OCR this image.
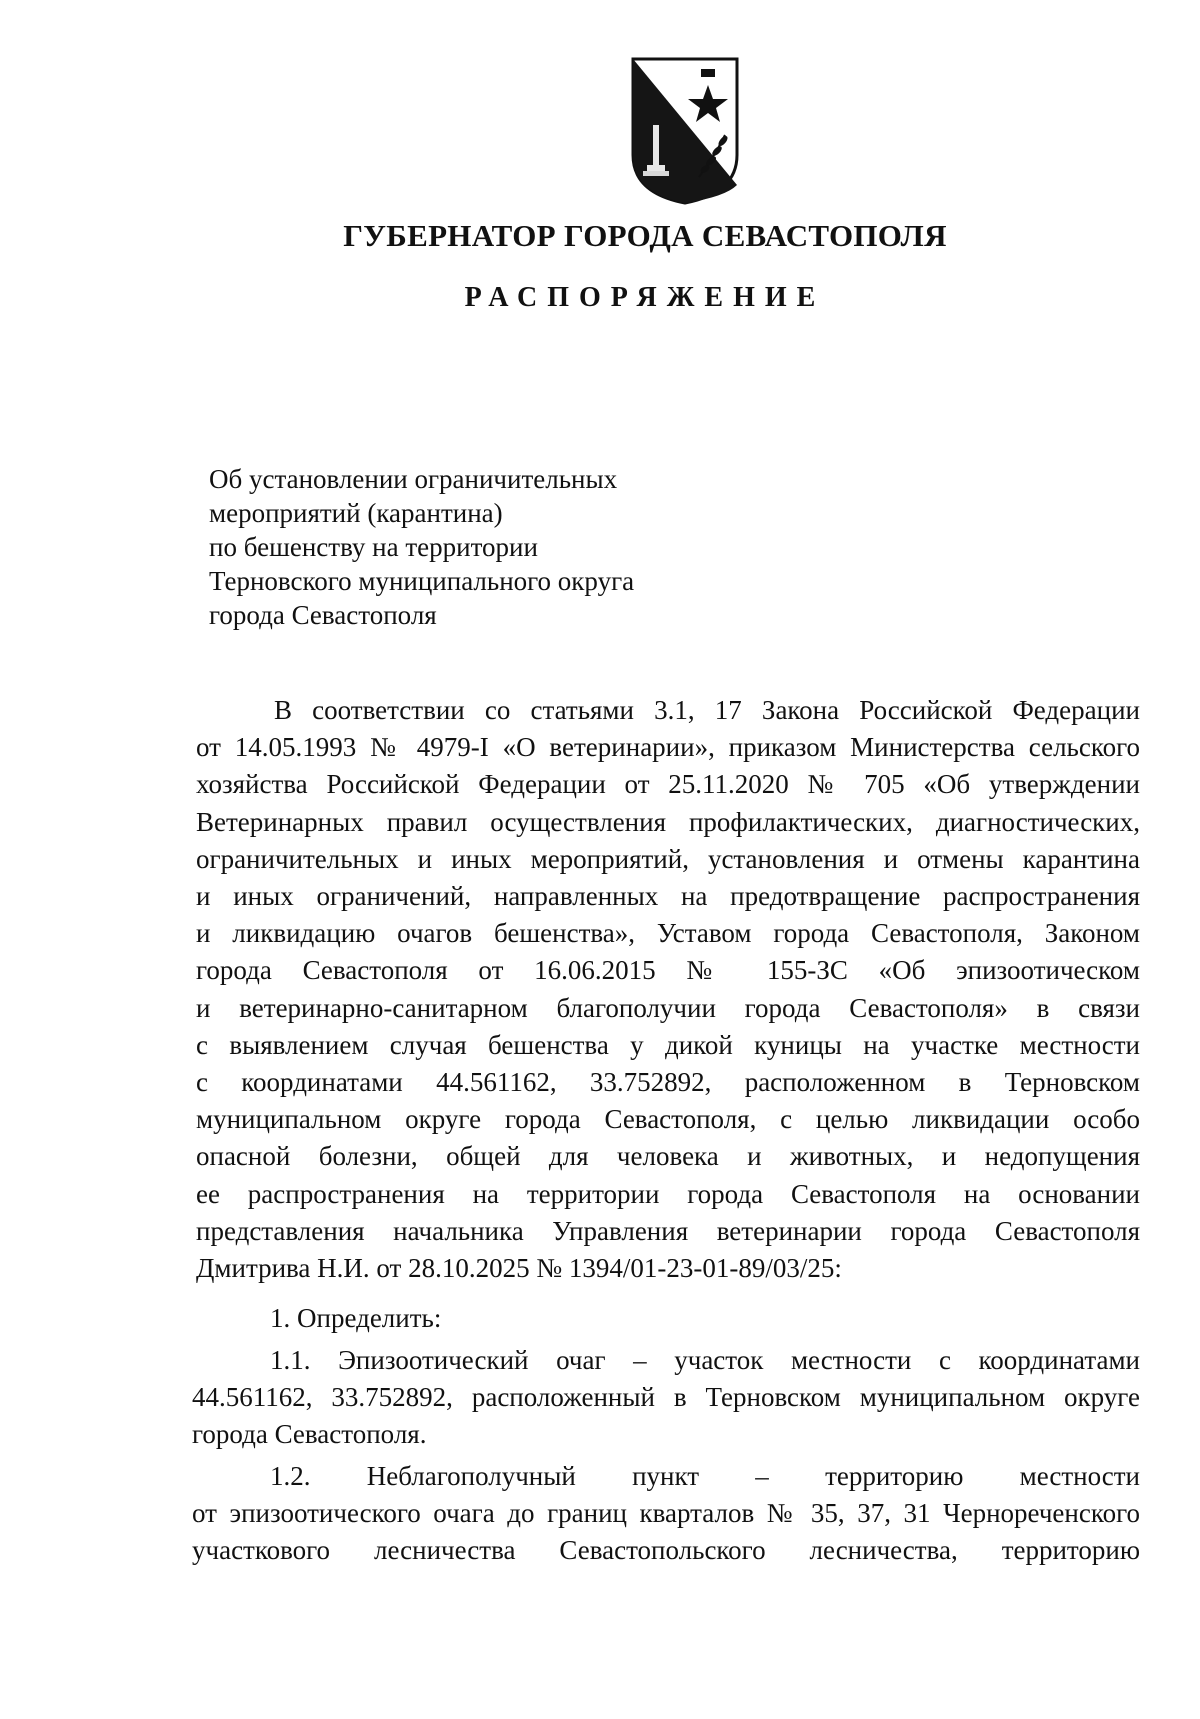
ГУБЕРНАТОР ГОРОДА СЕВАСТОПОЛЯ
РАСПОРЯЖЕНИЕ
Об установлении ограничительных
мероприятий (карантина)
по бешенству на территории
Терновского муниципального округа
города Севастополя
В соответствии со статьями 3.1, 17 Закона Российской Федерации
от 14.05.1993 № 4979-I «О ветеринарии», приказом Министерства сельского
хозяйства Российской Федерации от 25.11.2020 № 705 «Об утверждении
Ветеринарных правил осуществления профилактических, диагностических,
ограничительных и иных мероприятий, установления и отмены карантина
и иных ограничений, направленных на предотвращение распространения
и ликвидацию очагов бешенства», Уставом города Севастополя, Законом
города Севастополя от 16.06.2015 № 155-ЗС «Об эпизоотическом
и ветеринарно-санитарном благополучии города Севастополя» в связи
с выявлением случая бешенства у дикой куницы на участке местности
с координатами 44.561162, 33.752892, расположенном в Терновском
муниципальном округе города Севастополя, с целью ликвидации особо
опасной болезни, общей для человека и животных, и недопущения
ее распространения на территории города Севастополя на основании
представления начальника Управления ветеринарии города Севастополя
Дмитрива Н.И. от 28.10.2025 № 1394/01-23-01-89/03/25:
1. Определить:
1.1. Эпизоотический очаг – участок местности с координатами
44.561162, 33.752892, расположенный в Терновском муниципальном округе
города Севастополя.
1.2. Неблагополучный пункт – территорию местности
от эпизоотического очага до границ кварталов № 35, 37, 31 Чернореченского
участкового лесничества Севастопольского лесничества, территорию
